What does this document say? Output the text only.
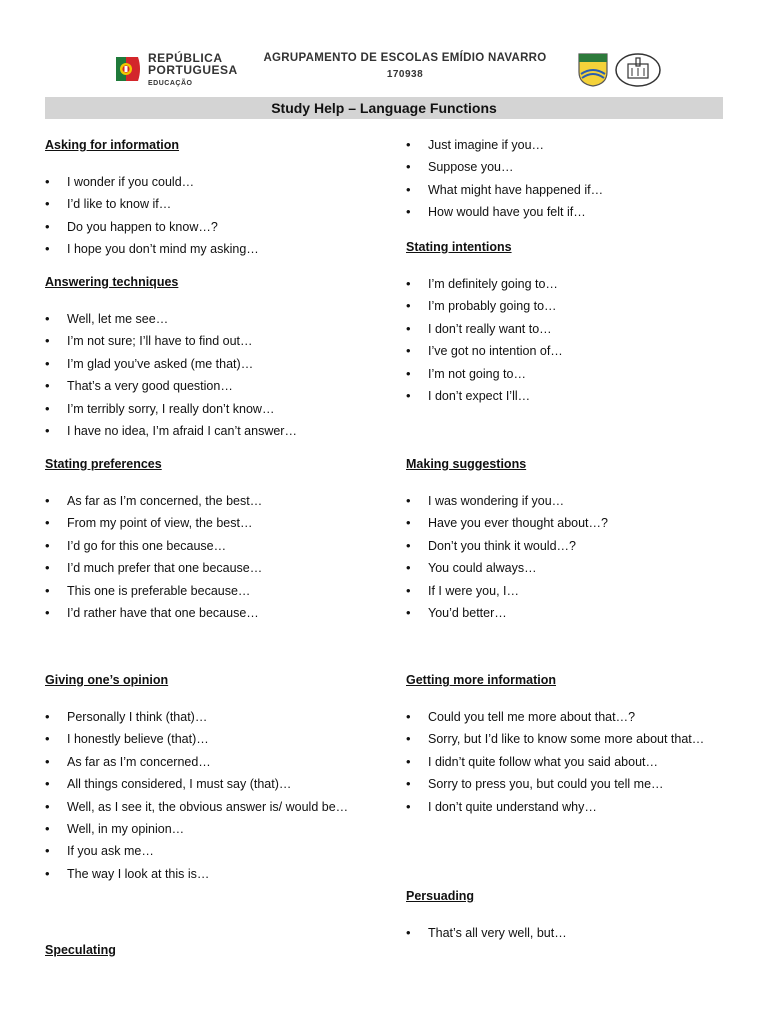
REPÚBLICA
PORTUGUESA
EDUCAÇÃO
AGRUPAMENTO DE ESCOLAS EMÍDIO NAVARRO
170938
Study Help – Language Functions
Asking for information
• I wonder if you could…
• I’d like to know if…
• Do you happen to know…?
• I hope you don’t mind my asking…
Answering techniques
• Well, let me see…
• I’m not sure; I’ll have to find out…
• I’m glad you’ve asked (me that)…
• That’s a very good question…
• I’m terribly sorry, I really don’t know…
• I have no idea, I’m afraid I can’t answer…
Stating preferences
• As far as I’m concerned, the best…
• From my point of view, the best…
• I’d go for this one because…
• I’d much prefer that one because…
• This one is preferable because…
• I’d rather have that one because…
Giving one’s opinion
• Personally I think (that)…
• I honestly believe (that)…
• As far as I’m concerned…
• All things considered, I must say (that)…
• Well, as I see it, the obvious answer is/ would be…
• Well, in my opinion…
• If you ask me…
• The way I look at this is…
Speculating
• Just imagine if you…
• Suppose you…
• What might have happened if…
• How would have you felt if…
Stating intentions
• I’m definitely going to…
• I’m probably going to…
• I don’t really want to…
• I’ve got no intention of…
• I’m not going to…
• I don’t expect I’ll…
Making suggestions
• I was wondering if you…
• Have you ever thought about…?
• Don’t you think it would…?
• You could always…
• If I were you, I…
• You’d better…
Getting more information
• Could you tell me more about that…?
• Sorry, but I’d like to know some more about that…
• I didn’t quite follow what you said about…
• Sorry to press you, but could you tell me…
• I don’t quite understand why…
Persuading
• That’s all very well, but…
